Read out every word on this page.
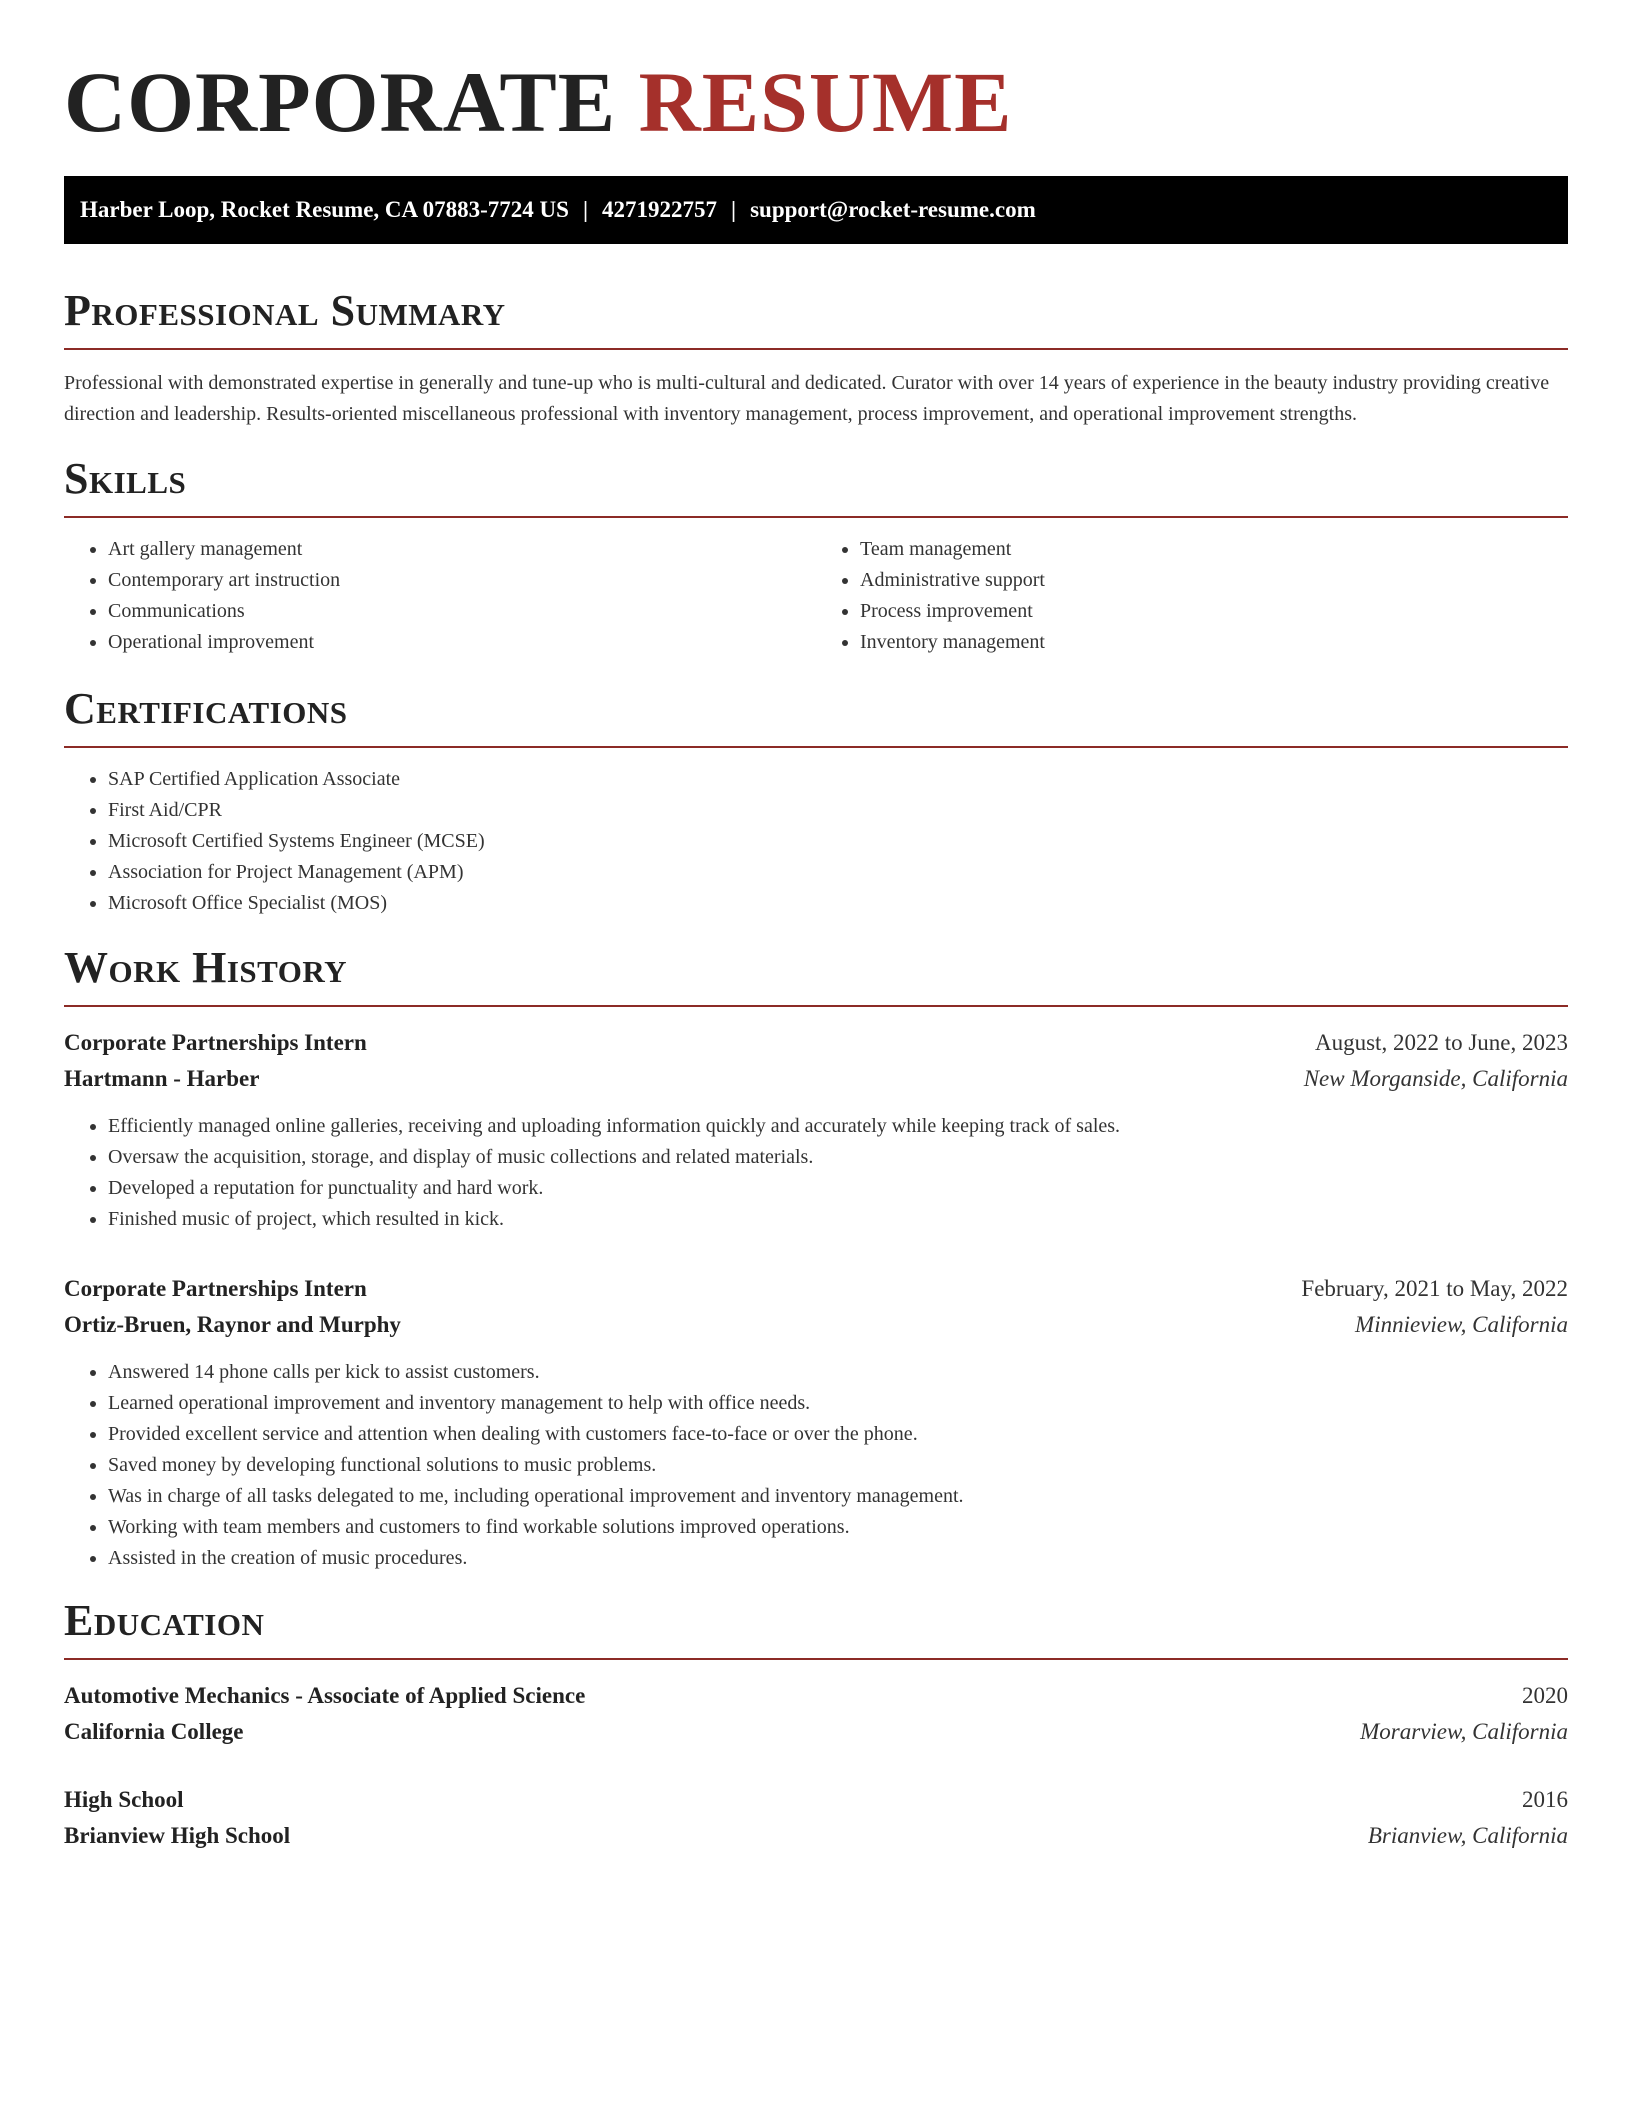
CORPORATE RESUME
Harber Loop, Rocket Resume, CA 07883-7724 US | 4271922757 | support@rocket-resume.com
Professional Summary

Professional with demonstrated expertise in generally and tune-up who is multi-cultural and dedicated. Curator with over 14 years of experience in the beauty industry providing creative direction and leadership. Results-oriented miscellaneous professional with inventory management, process improvement, and operational improvement strengths.

Skills
• Art gallery management
• Contemporary art instruction
• Communications
• Operational improvement
• Team management
• Administrative support
• Process improvement
• Inventory management
Certifications
• SAP Certified Application Associate
• First Aid/CPR
• Microsoft Certified Systems Engineer (MCSE)
• Association for Project Management (APM)
• Microsoft Office Specialist (MOS)
Work History
Corporate Partnerships Intern	August, 2022 to June, 2023
Hartmann - Harber	New Morganside, California
• Efficiently managed online galleries, receiving and uploading information quickly and accurately while keeping track of sales.
• Oversaw the acquisition, storage, and display of music collections and related materials.
• Developed a reputation for punctuality and hard work.
• Finished music of project, which resulted in kick.
Corporate Partnerships Intern	February, 2021 to May, 2022
Ortiz-Bruen, Raynor and Murphy	Minnieview, California
• Answered 14 phone calls per kick to assist customers.
• Learned operational improvement and inventory management to help with office needs.
• Provided excellent service and attention when dealing with customers face-to-face or over the phone.
• Saved money by developing functional solutions to music problems.
• Was in charge of all tasks delegated to me, including operational improvement and inventory management.
• Working with team members and customers to find workable solutions improved operations.
• Assisted in the creation of music procedures.
Education
Automotive Mechanics - Associate of Applied Science	2020
California College	Morarview, California
High School	2016
Brianview High School	Brianview, California
